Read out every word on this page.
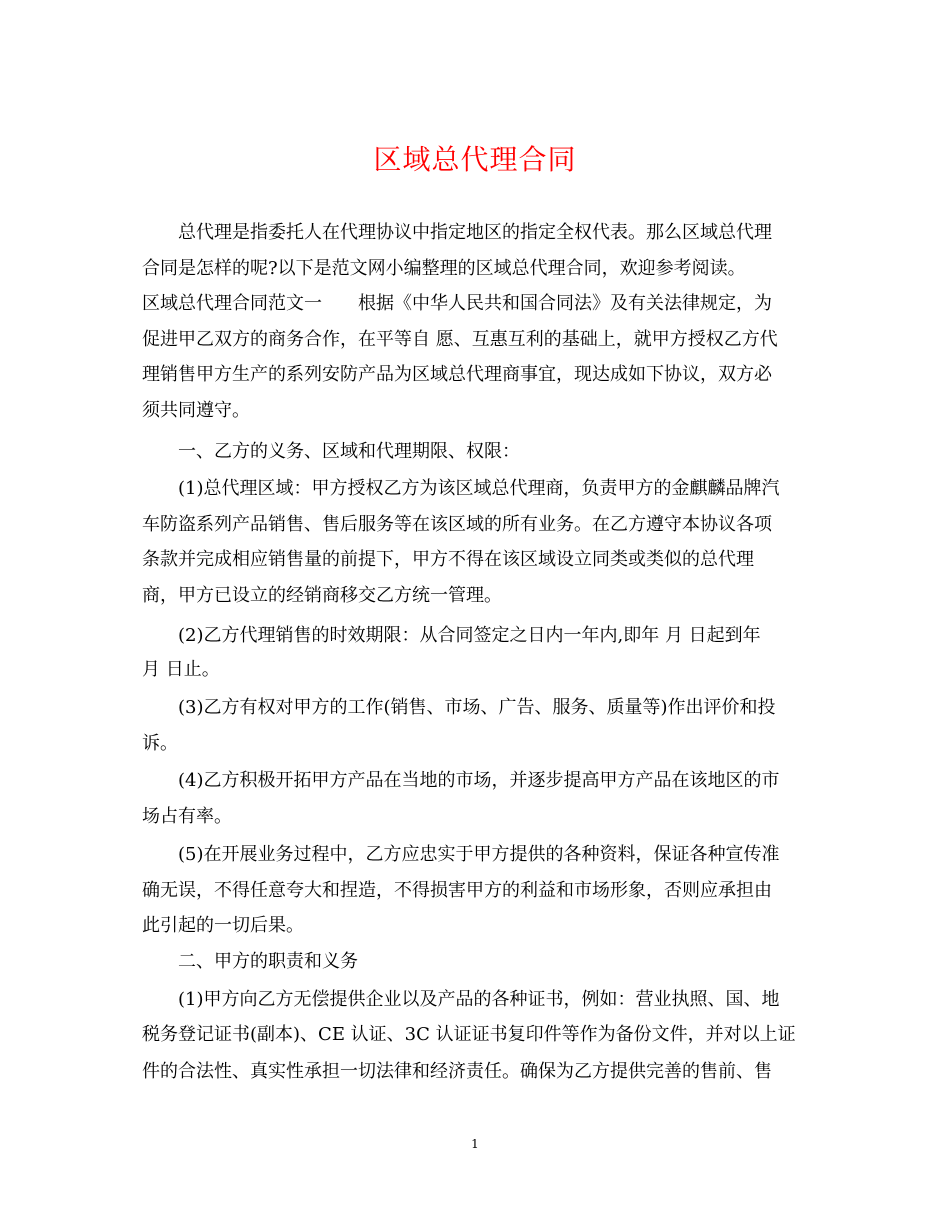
区域总代理合同
　　总代理是指委托人在代理协议中指定地区的指定全权代表。那么区域总代理
合同是怎样的呢?以下是范文网小编整理的区域总代理合同，欢迎参考阅读。
区域总代理合同范文一　　根据《中华人民共和国合同法》及有关法律规定，为
促进甲乙双方的商务合作，在平等自 愿、互惠互利的基础上，就甲方授权乙方代
理销售甲方生产的系列安防产品为区域总代理商事宜，现达成如下协议，双方必
须共同遵守。
　　一、乙方的义务、区域和代理期限、权限：
　　(1)总代理区域：甲方授权乙方为该区域总代理商，负责甲方的金麒麟品牌汽
车防盗系列产品销售、售后服务等在该区域的所有业务。在乙方遵守本协议各项
条款并完成相应销售量的前提下，甲方不得在该区域设立同类或类似的总代理
商，甲方已设立的经销商移交乙方统一管理。
　　(2)乙方代理销售的时效期限：从合同签定之日内一年内,即年 月 日起到年
月 日止。
　　(3)乙方有权对甲方的工作(销售、市场、广告、服务、质量等)作出评价和投
诉。
　　(4)乙方积极开拓甲方产品在当地的市场，并逐步提高甲方产品在该地区的市
场占有率。
　　(5)在开展业务过程中，乙方应忠实于甲方提供的各种资料，保证各种宣传准
确无误，不得任意夸大和捏造，不得损害甲方的利益和市场形象，否则应承担由
此引起的一切后果。
　　二、甲方的职责和义务
　　(1)甲方向乙方无偿提供企业以及产品的各种证书，例如：营业执照、国、地
税务登记证书(副本)、CE 认证、3C 认证证书复印件等作为备份文件，并对以上证
件的合法性、真实性承担一切法律和经济责任。确保为乙方提供完善的售前、售
1
